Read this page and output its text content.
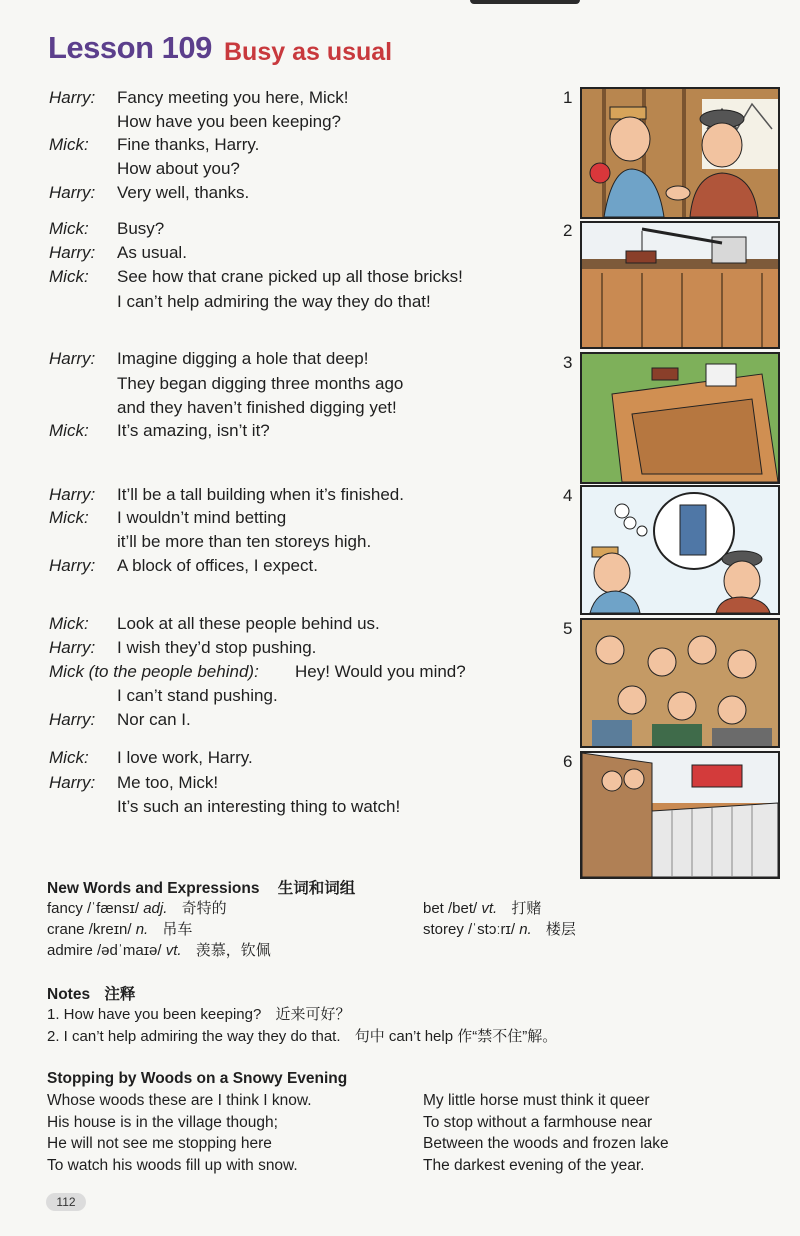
Lesson 109 Busy as usual
Harry: Fancy meeting you here, Mick!
How have you been keeping?
Mick: Fine thanks, Harry.
How about you?
Harry: Very well, thanks.
Mick: Busy?
Harry: As usual.
Mick: See how that crane picked up all those bricks!
I can’t help admiring the way they do that!
Harry: Imagine digging a hole that deep!
They began digging three months ago
and they haven’t finished digging yet!
Mick: It’s amazing, isn’t it?
Harry: It’ll be a tall building when it’s finished.
Mick: I wouldn’t mind betting
it’ll be more than ten storeys high.
Harry: A block of offices, I expect.
Mick: Look at all these people behind us.
Harry: I wish they’d stop pushing.
Mick (to the people behind): Hey! Would you mind?
I can’t stand pushing.
Harry: Nor can I.
Mick: I love work, Harry.
Harry: Me too, Mick!
It’s such an interesting thing to watch!
1
2
3
4
5
6
New Words and Expressions 生词和词组
fancy /ˈfænsɪ/ adj. 奇特的
crane /kreɪn/ n. 吊车
admire /ədˈmaɪə/ vt. 羡慕，钦佩
bet /bet/ vt. 打赌
storey /ˈstɔːrɪ/ n. 楼层
Notes 注释
1. How have you been keeping? 近来可好？
2. I can’t help admiring the way they do that. 句中 can’t help 作“禁不住”解。
Stopping by Woods on a Snowy Evening
Whose woods these are I think I know.
His house is in the village though;
He will not see me stopping here
To watch his woods fill up with snow.
My little horse must think it queer
To stop without a farmhouse near
Between the woods and frozen lake
The darkest evening of the year.
112
